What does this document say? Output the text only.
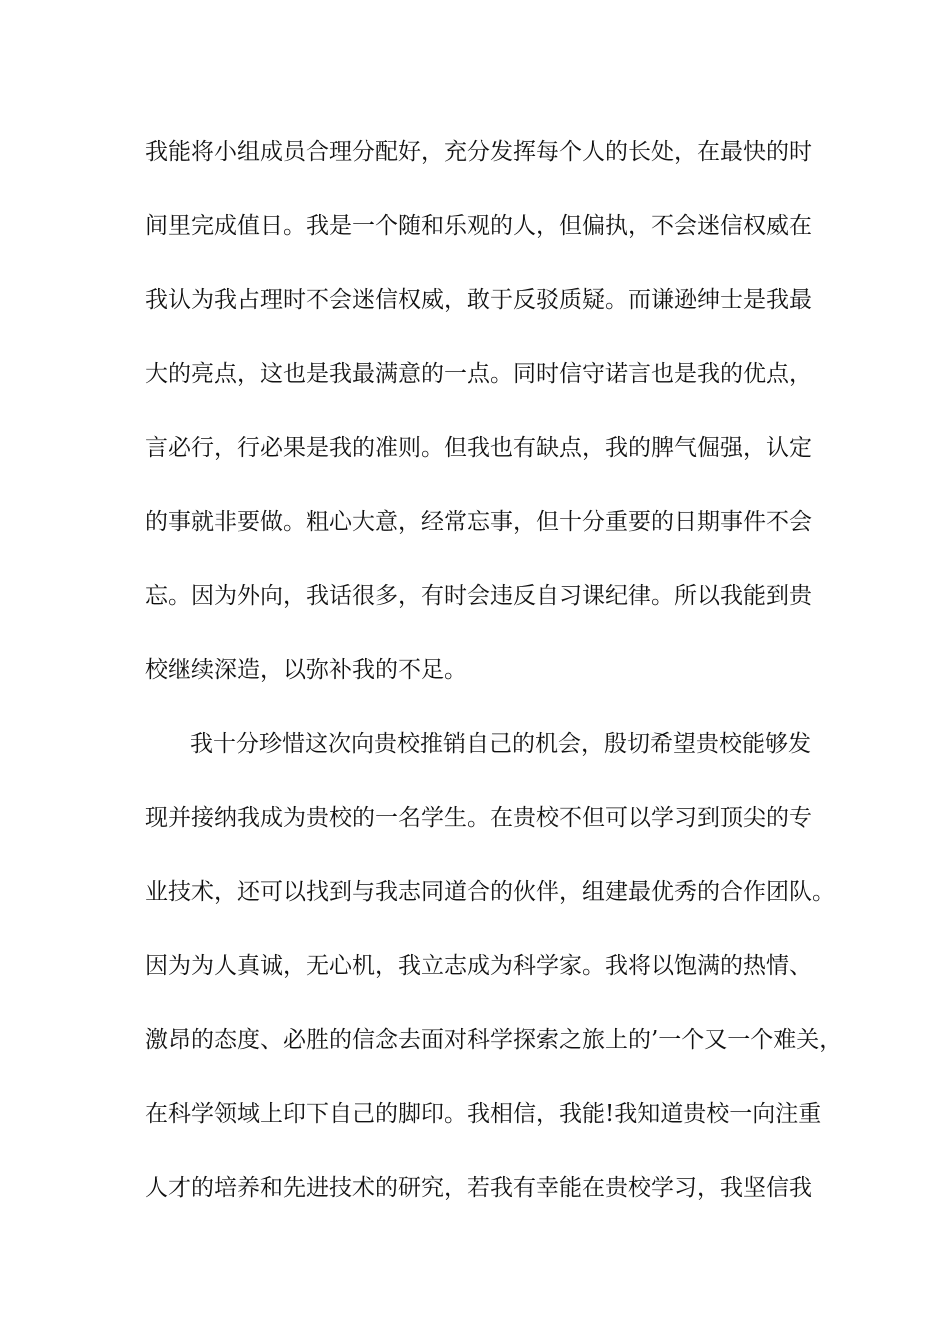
我能将小组成员合理分配好，充分发挥每个人的长处，在最快的时
间里完成值日。我是一个随和乐观的人，但偏执，不会迷信权威在
我认为我占理时不会迷信权威，敢于反驳质疑。而谦逊绅士是我最
大的亮点，这也是我最满意的一点。同时信守诺言也是我的优点，
言必行，行必果是我的准则。但我也有缺点，我的脾气倔强，认定
的事就非要做。粗心大意，经常忘事，但十分重要的日期事件不会
忘。因为外向，我话很多，有时会违反自习课纪律。所以我能到贵
校继续深造，以弥补我的不足。
我十分珍惜这次向贵校推销自己的机会，殷切希望贵校能够发
现并接纳我成为贵校的一名学生。在贵校不但可以学习到顶尖的专
业技术，还可以找到与我志同道合的伙伴，组建最优秀的合作团队。
因为为人真诚，无心机，我立志成为科学家。我将以饱满的热情、
激昂的态度、必胜的信念去面对科学探索之旅上的’一个又一个难关，
在科学领域上印下自己的脚印。我相信，我能!我知道贵校一向注重
人才的培养和先进技术的研究，若我有幸能在贵校学习，我坚信我
